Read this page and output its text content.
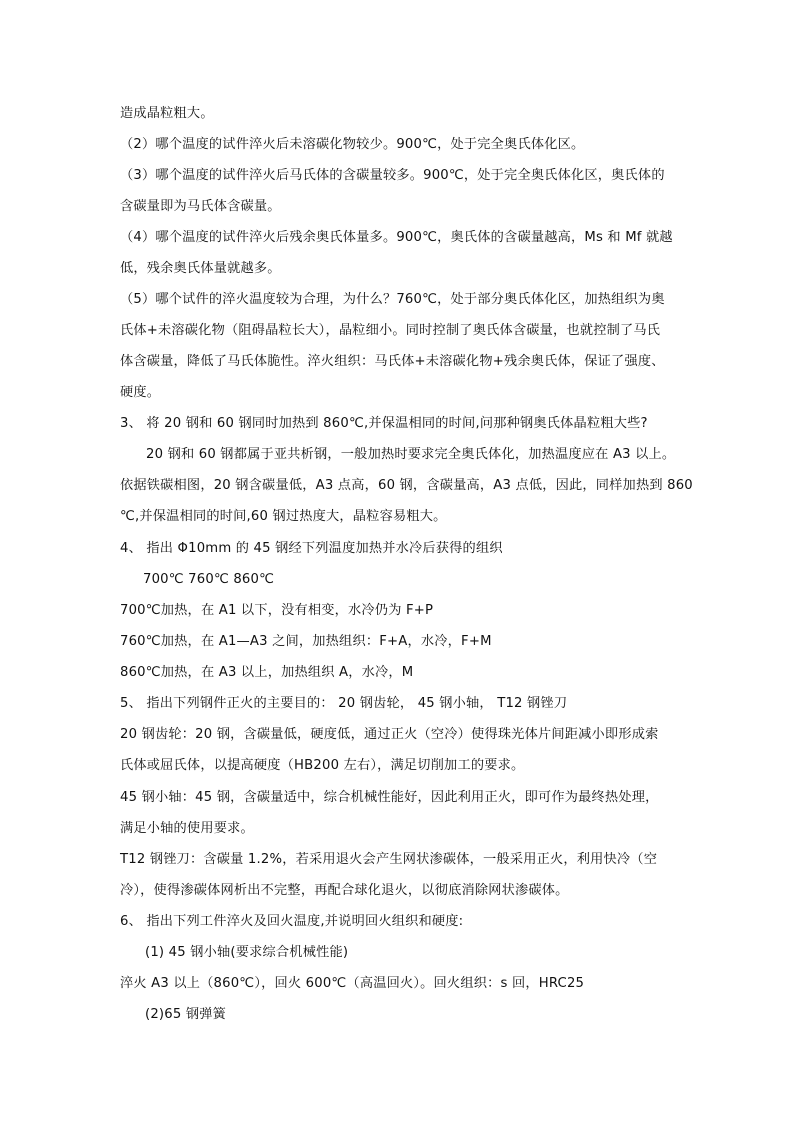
造成晶粒粗大。
（2）哪个温度的试件淬火后未溶碳化物较少。900℃，处于完全奥氏体化区。
（3）哪个温度的试件淬火后马氏体的含碳量较多。900℃，处于完全奥氏体化区，奥氏体的
含碳量即为马氏体含碳量。
（4）哪个温度的试件淬火后残余奥氏体量多。900℃，奥氏体的含碳量越高，Ms 和 Mf 就越
低，残余奥氏体量就越多。
（5）哪个试件的淬火温度较为合理，为什么？760℃，处于部分奥氏体化区，加热组织为奥
氏体+未溶碳化物（阻碍晶粒长大），晶粒细小。同时控制了奥氏体含碳量，也就控制了马氏
体含碳量，降低了马氏体脆性。淬火组织：马氏体+未溶碳化物+残余奥氏体，保证了强度、
硬度。
3、 将 20 钢和 60 钢同时加热到 860℃,并保温相同的时间,问那种钢奥氏体晶粒粗大些?
20 钢和 60 钢都属于亚共析钢，一般加热时要求完全奥氏体化，加热温度应在 A3 以上。
依据铁碳相图，20 钢含碳量低，A3 点高，60 钢，含碳量高，A3 点低，因此，同样加热到 860
℃,并保温相同的时间,60 钢过热度大，晶粒容易粗大。
4、 指出 Φ10mm 的 45 钢经下列温度加热并水冷后获得的组织
700℃ 760℃ 860℃
700℃加热，在 A1 以下，没有相变，水冷仍为 F+P
760℃加热，在 A1—A3 之间，加热组织：F+A，水冷，F+M
860℃加热，在 A3 以上，加热组织 A，水冷，M
5、 指出下列钢件正火的主要目的： 20 钢齿轮， 45 钢小轴， T12 钢锉刀
20 钢齿轮：20 钢，含碳量低，硬度低，通过正火（空冷）使得珠光体片间距减小即形成索
氏体或屈氏体，以提高硬度（HB200 左右），满足切削加工的要求。
45 钢小轴：45 钢，含碳量适中，综合机械性能好，因此利用正火，即可作为最终热处理，
满足小轴的使用要求。
T12 钢锉刀：含碳量 1.2%，若采用退火会产生网状渗碳体，一般采用正火，利用快冷（空
冷），使得渗碳体网析出不完整，再配合球化退火，以彻底消除网状渗碳体。
6、 指出下列工件淬火及回火温度,并说明回火组织和硬度:
(1) 45 钢小轴(要求综合机械性能)
淬火 A3 以上（860℃），回火 600℃（高温回火）。回火组织：s 回，HRC25
(2)65 钢弹簧
